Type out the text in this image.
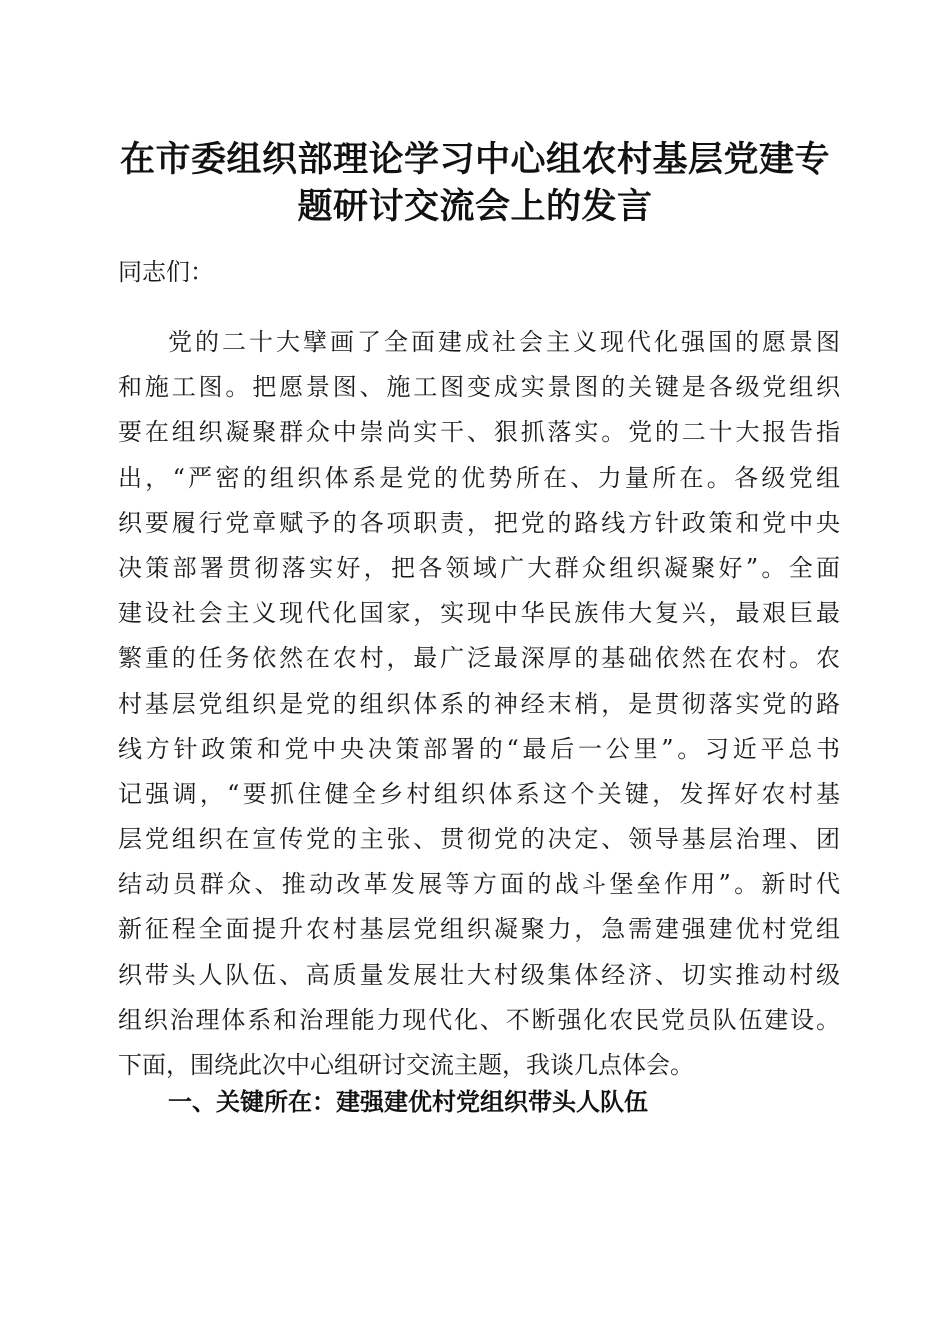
在市委组织部理论学习中心组农村基层党建专
题研讨交流会上的发言

同志们：

党的二十大擘画了全面建成社会主义现代化强国的愿景图
和施工图。把愿景图、施工图变成实景图的关键是各级党组织
要在组织凝聚群众中崇尚实干、狠抓落实。党的二十大报告指
出，“严密的组织体系是党的优势所在、力量所在。各级党组
织要履行党章赋予的各项职责，把党的路线方针政策和党中央
决策部署贯彻落实好，把各领域广大群众组织凝聚好”。全面
建设社会主义现代化国家，实现中华民族伟大复兴，最艰巨最
繁重的任务依然在农村，最广泛最深厚的基础依然在农村。农
村基层党组织是党的组织体系的神经末梢，是贯彻落实党的路
线方针政策和党中央决策部署的“最后一公里”。习近平总书
记强调，“要抓住健全乡村组织体系这个关键，发挥好农村基
层党组织在宣传党的主张、贯彻党的决定、领导基层治理、团
结动员群众、推动改革发展等方面的战斗堡垒作用”。新时代
新征程全面提升农村基层党组织凝聚力，急需建强建优村党组
织带头人队伍、高质量发展壮大村级集体经济、切实推动村级
组织治理体系和治理能力现代化、不断强化农民党员队伍建设。
下面，围绕此次中心组研讨交流主题，我谈几点体会。

一、关键所在：建强建优村党组织带头人队伍
